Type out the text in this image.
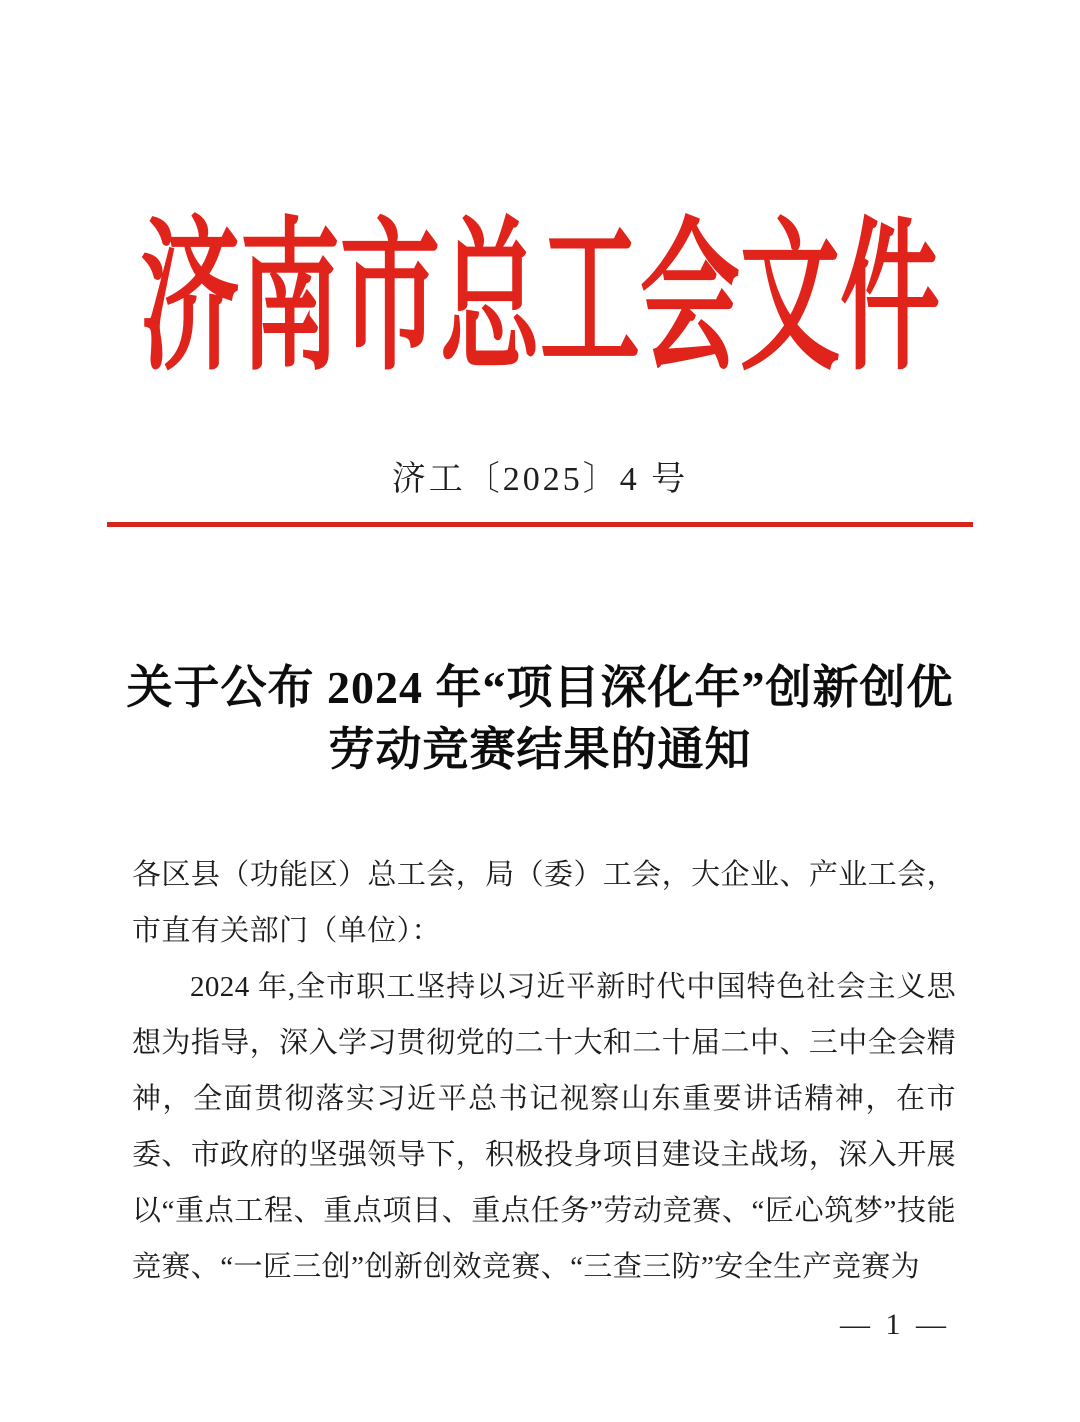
济南市总工会文件
济工〔2025〕4 号
关于公布 2024 年“项目深化年”创新创优
劳动竞赛结果的通知

各区县（功能区）总工会，局（委）工会，大企业、产业工会，市直有关部门（单位）：

2024 年,全市职工坚持以习近平新时代中国特色社会主义思想为指导，深入学习贯彻党的二十大和二十届二中、三中全会精神，全面贯彻落实习近平总书记视察山东重要讲话精神，在市委、市政府的坚强领导下，积极投身项目建设主战场，深入开展以“重点工程、重点项目、重点任务”劳动竞赛、“匠心筑梦”技能竞赛、“一匠三创”创新创效竞赛、“三查三防”安全生产竞赛为

— 1 —
